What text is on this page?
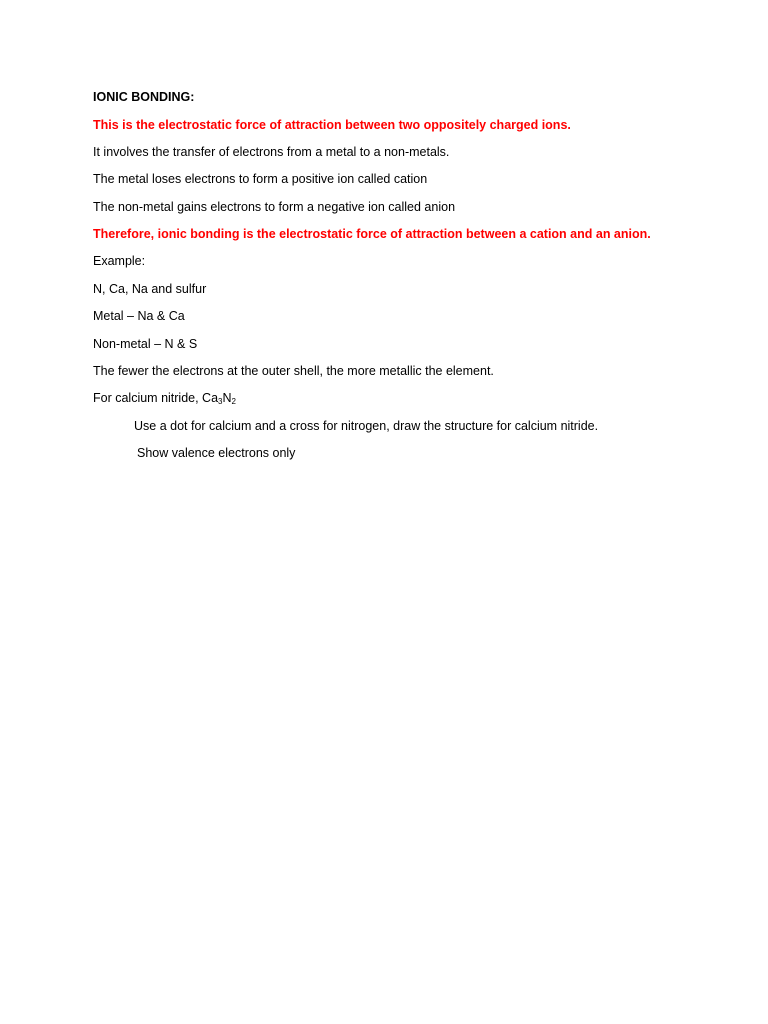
IONIC BONDING:
This is the electrostatic force of attraction between two oppositely charged ions.
It involves the transfer of electrons from a metal to a non-metals.
The metal loses electrons to form a positive ion called cation
The non-metal gains electrons to form a negative ion called anion
Therefore, ionic bonding is the electrostatic force of attraction between a cation and an anion.
Example:
N, Ca, Na and sulfur
Metal – Na & Ca
Non-metal – N & S
The fewer the electrons at the outer shell, the more metallic the element.
For calcium nitride, $Ca_3N_2$
Use a dot for calcium and a cross for nitrogen, draw the structure for calcium nitride.
Show valence electrons only
